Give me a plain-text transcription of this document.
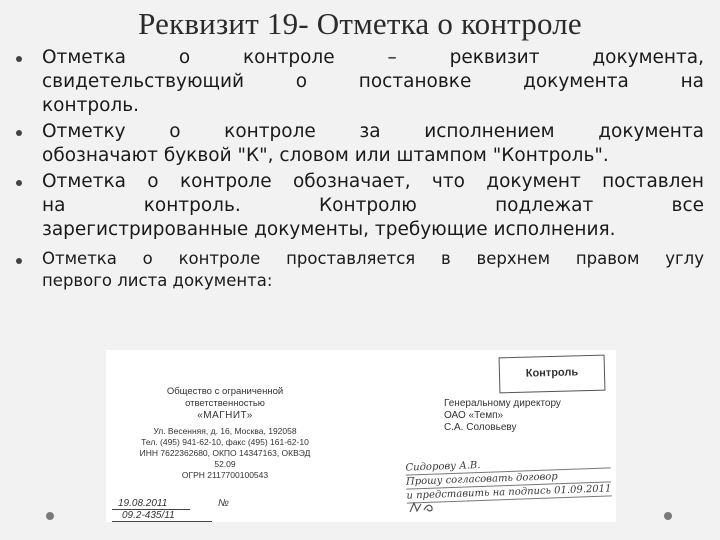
Реквизит 19- Отметка о контроле
Отметка о контроле – реквизит документа,
свидетельствующий о постановке документа на
контроль.
Отметку о контроле за исполнением документа
обозначают буквой "К", словом или штампом "Контроль".
Отметка о контроле обозначает, что документ поставлен
на контроль. Контролю подлежат все
зарегистрированные документы, требующие исполнения.
Отметка о контроле проставляется в верхнем правом углу
первого листа документа:
Общество с ограниченной
ответственностью
«МАГНИТ»
Ул. Весенняя, д. 16, Москва, 192058
Тел. (495) 941-62-10, факс (495) 161-62-10
ИНН 7622362680, ОКПО 14347163, ОКВЭД 52.09
ОГРН 2117700100543
19.08.2011	№09.2-435/11
Контроль
Генеральному директору
ОАО «Темп»
С.А. Соловьеву
Сидорову А.В.
Прошу согласовать договор
и представить на подпись 01.09.2011
